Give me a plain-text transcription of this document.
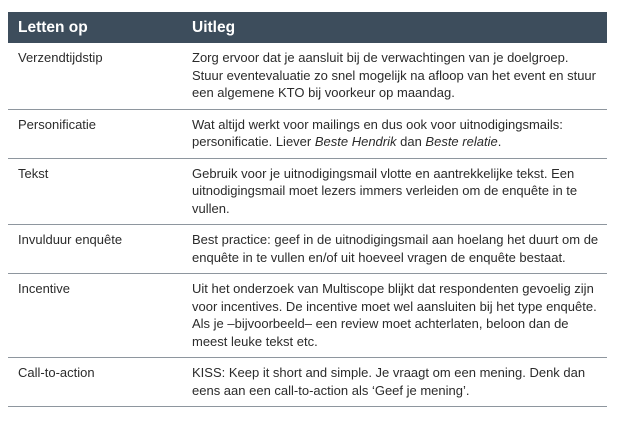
Letten op	Uitleg
Verzendtijdstip	Zorg ervoor dat je aansluit bij de verwachtingen van je doelgroep. Stuur eventevaluatie zo snel mogelijk na afloop van het event en stuur een algemene KTO bij voorkeur op maandag.
Personificatie	Wat altijd werkt voor mailings en dus ook voor uitnodigingsmails: personificatie. Liever Beste Hendrik dan Beste relatie.
Tekst	Gebruik voor je uitnodigingsmail vlotte en aantrekkelijke tekst. Een uitnodigingsmail moet lezers immers verleiden om de enquête in te vullen.
Invulduur enquête	Best practice: geef in de uitnodigingsmail aan hoelang het duurt om de enquête in te vullen en/of uit hoeveel vragen de enquête bestaat.
Incentive	Uit het onderzoek van Multiscope blijkt dat respondenten gevoelig zijn voor incentives. De incentive moet wel aansluiten bij het type enquête. Als je –bijvoorbeeld– een review moet achterlaten, beloon dan de meest leuke tekst etc.
Call-to-action	KISS: Keep it short and simple. Je vraagt om een mening. Denk dan eens aan een call-to-action als ‘Geef je mening’.
